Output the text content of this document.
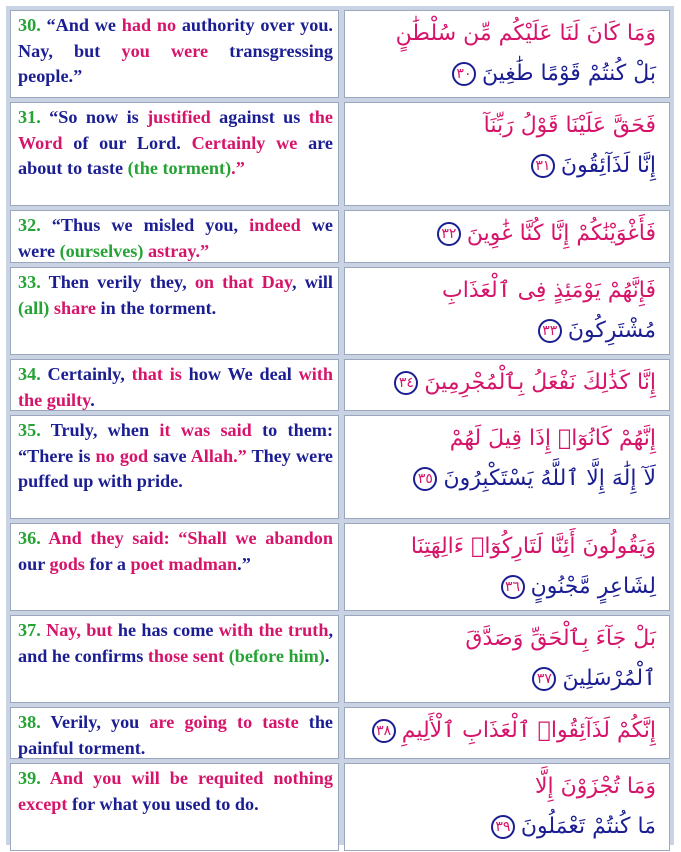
30. “And we had no authority over you. Nay, but you were transgressing people.”
وَمَا كَانَ لَنَا عَلَيْكُم مِّن سُلْطَٰنٍ
بَلْ كُنتُمْ قَوْمًا طَٰغِينَ٣٠
31. “So now is justified against us the Word of our Lord. Certainly we are about to taste (the torment).”
فَحَقَّ عَلَيْنَا قَوْلُ رَبِّنَآ
إِنَّا لَذَآئِقُونَ٣١
32. “Thus we misled you, indeed we were (ourselves) astray.”
فَأَغْوَيْنَٰكُمْ إِنَّا كُنَّا غَٰوِينَ٣٢
33. Then verily they, on that Day, will (all) share in the torment.
فَإِنَّهُمْ يَوْمَئِذٍ فِى ٱلْعَذَابِ
مُشْتَرِكُونَ٣٣
34. Certainly, that is how We deal with the guilty.
إِنَّا كَذَٰلِكَ نَفْعَلُ بِٱلْمُجْرِمِينَ٣٤
35. Truly, when it was said to them: “There is no god save Allah.” They were puffed up with pride.
إِنَّهُمْ كَانُوٓا۟ إِذَا قِيلَ لَهُمْ
لَآ إِلَٰهَ إِلَّا ٱللَّهُ يَسْتَكْبِرُونَ٣٥
36. And they said: “Shall we abandon our gods for a poet madman.”
وَيَقُولُونَ أَئِنَّا لَتَارِكُوٓا۟ ءَالِهَتِنَا
لِشَاعِرٍ مَّجْنُونٍ٣٦
37. Nay, but he has come with the truth, and he confirms those sent (before him).
بَلْ جَآءَ بِٱلْحَقِّ وَصَدَّقَ
ٱلْمُرْسَلِينَ٣٧
38. Verily, you are going to taste the painful torment.
إِنَّكُمْ لَذَآئِقُوا۟ ٱلْعَذَابِ ٱلْأَلِيمِ٣٨
39. And you will be requited nothing except for what you used to do.
وَمَا تُجْزَوْنَ إِلَّا
مَا كُنتُمْ تَعْمَلُونَ٣٩
